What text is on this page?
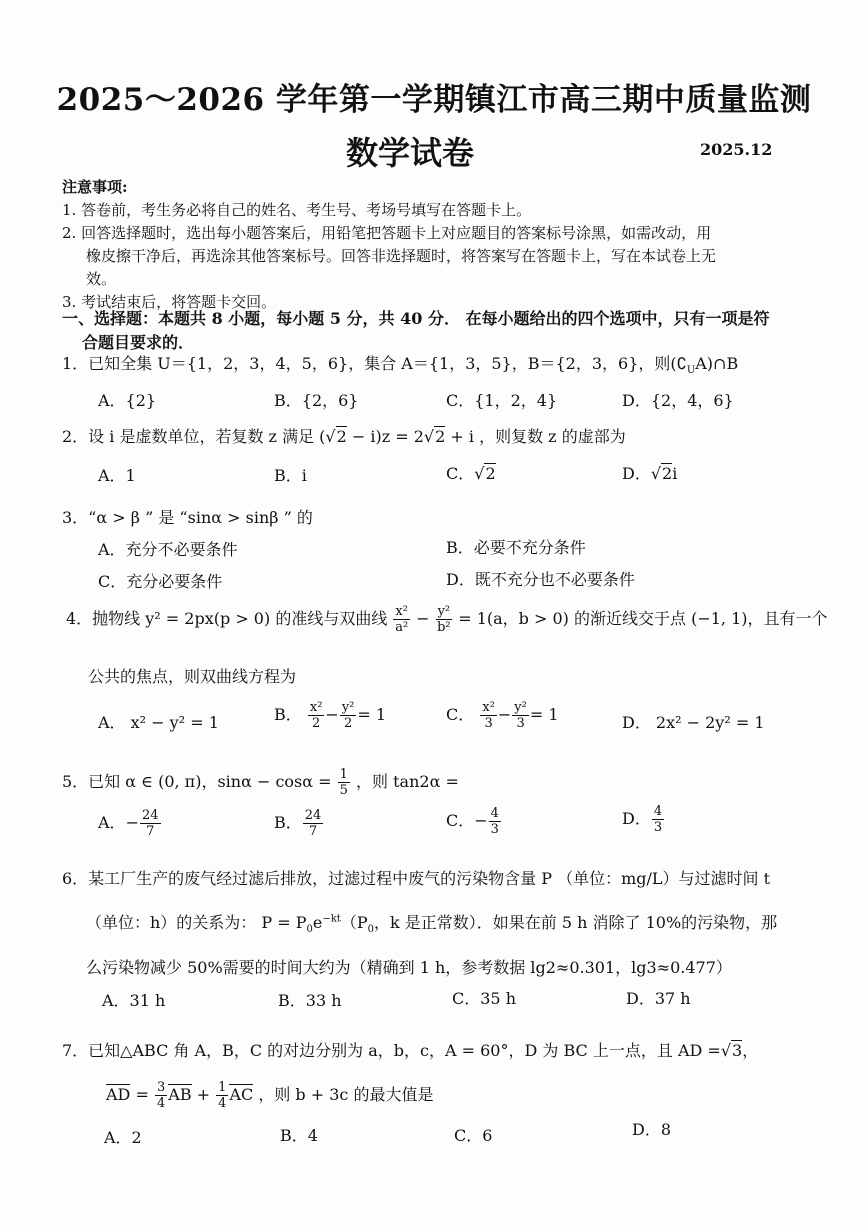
2025～2026 学年第一学期镇江市高三期中质量监测
数学试卷	2025.12
注意事项:
1. 答卷前，考生务必将自己的姓名、考生号、考场号填写在答题卡上。
2. 回答选择题时，选出每小题答案后，用铅笔把答题卡上对应题目的答案标号涂黑，如需改动，用
橡皮擦干净后，再选涂其他答案标号。回答非选择题时，将答案写在答题卡上，写在本试卷上无
效。
3. 考试结束后，将答题卡交回。
一、选择题：本题共 8 小题，每小题 5 分，共 40 分． 在每小题给出的四个选项中，只有一项是符
合题目要求的．
1．已知全集 U＝{1，2，3，4，5，6}，集合 A＝{1，3，5}，B＝{2，3，6}，则$(∁_UA)\cap B$
A．{2}	B．{2，6}	C．{1，2，4}	D．{2，4，6}
2．设 i 是虚数单位，若复数 z 满足 (√2 − i)z = 2√2 + i ，则复数 z 的虚部为
A．1	B．i	C．√2	D．√2i
3．“α > β ” 是 “sinα > sinβ ” 的
A．充分不必要条件	B．必要不充分条件
C．充分必要条件	D．既不充分也不必要条件
4．抛物线 y² = 2px(p > 0) 的准线与双曲线 $\frac{\text{x²}}{\text{a²}} - \frac{\text{y²}}{\text{b²}} = 1(a$，b > 0) 的渐近线交于点 (−1, 1)，且有一个
公共的焦点，则双曲线方程为
A． x² − y² = 1	B． $\frac{\text{x²}}{2} - \frac{\text{y²}}{2} = 1$	C． $\frac{\text{x²}}{3} - \frac{\text{y²}}{3} = 1$	D． 2x² − 2y² = 1
5．已知 α ∈ (0, π)，$\sin\alpha - \cos\alpha = \frac{1}{5}$ ，则 tan2α =
A．− $\frac{24}{7}$	B． $\frac{24}{7}$	C．− $\frac{4}{3}$	D． $\frac{4}{3}$
6．某工厂生产的废气经过滤后排放，过滤过程中废气的污染物含量 P （单位：mg/L）与过滤时间 t
（单位：h）的关系为： $P = P_0e^{-kt}(P_0$，k 是正常数）．如果在前 5 h 消除了 10%的污染物，那
么污染物减少 50%需要的时间大约为（精确到 1 h，参考数据 lg2≈0.301，lg3≈0.477）
A．31 h	B．33 h	C．35 h	D．37 h
7．已知△ABC 角 A，B，C 的对边分别为 a，b，c，A = 60°，D 为 BC 上一点，且 AD =√3，
AD = $\frac{3}{4}$ AB + $\frac{1}{4}$ AC ，则 b + 3c 的最大值是
A．2	B．4	C．6	D．8
